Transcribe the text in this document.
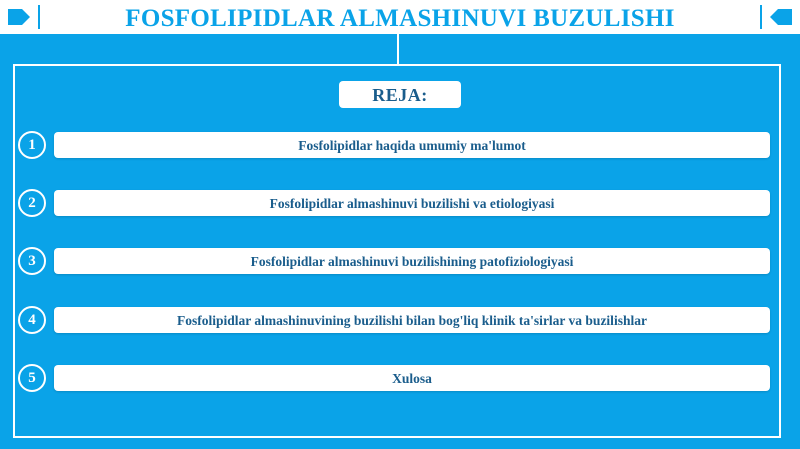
FOSFOLIPIDLAR ALMASHINUVI BUZULISHI
REJA:
1	Fosfolipidlar haqida umumiy ma'lumot
2	Fosfolipidlar almashinuvi buzilishi va etiologiyasi
3	Fosfolipidlar almashinuvi buzilishining patofiziologiyasi
4	Fosfolipidlar almashinuvining buzilishi bilan bog'liq klinik ta'sirlar va buzilishlar
5	Xulosa
